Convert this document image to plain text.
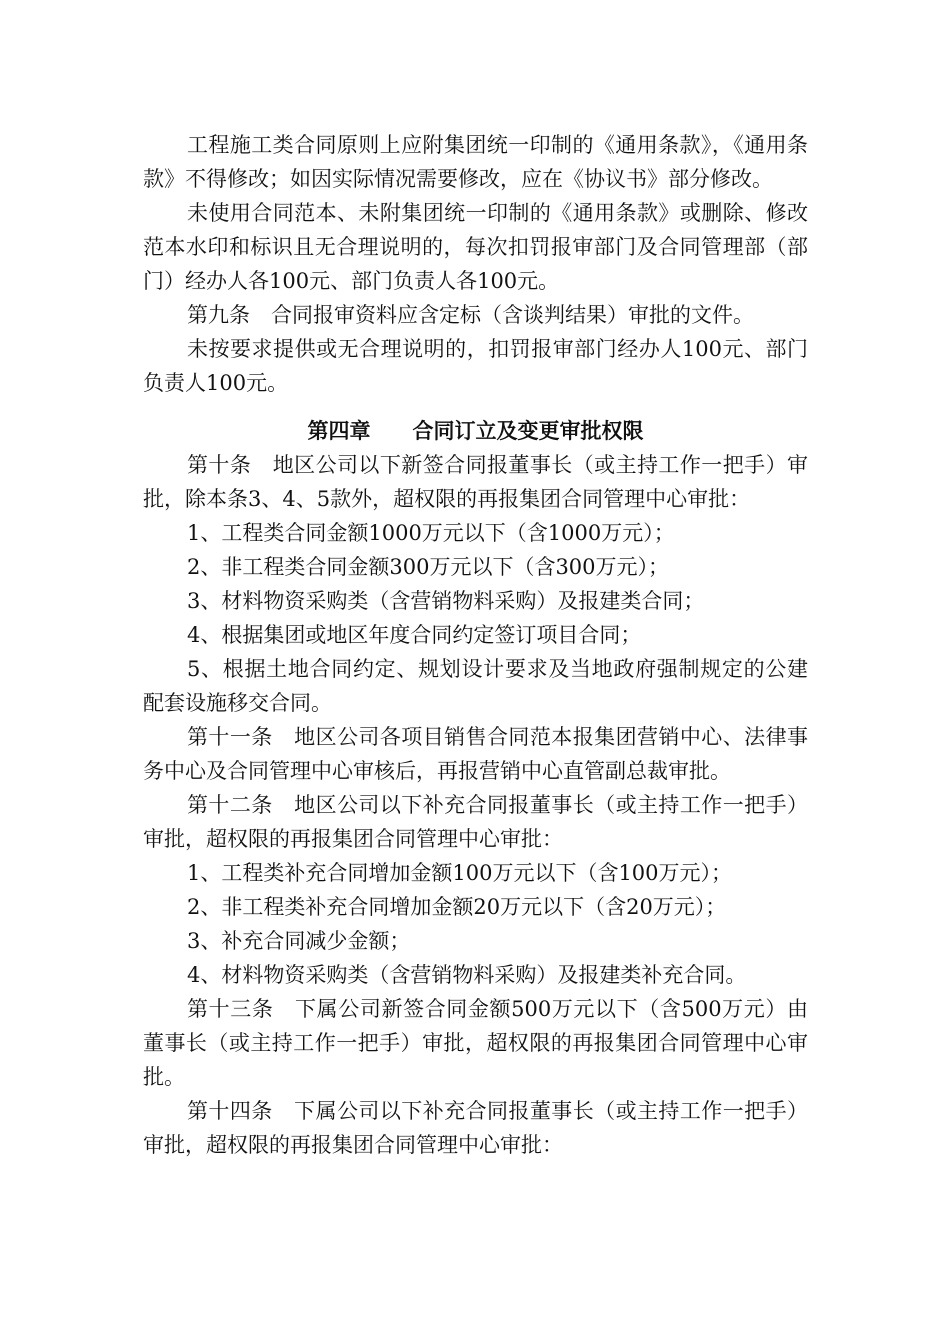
工程施工类合同原则上应附集团统一印制的《通用条款》，《通用条款》不得修改；如因实际情况需要修改，应在《协议书》部分修改。

未使用合同范本、未附集团统一印制的《通用条款》或删除、修改范本水印和标识且无合理说明的，每次扣罚报审部门及合同管理部（部门）经办人各100元、部门负责人各100元。

第九条　合同报审资料应含定标（含谈判结果）审批的文件。

未按要求提供或无合理说明的，扣罚报审部门经办人100元、部门负责人100元。

第四章　　合同订立及变更审批权限

第十条　地区公司以下新签合同报董事长（或主持工作一把手）审批，除本条3、4、5款外，超权限的再报集团合同管理中心审批：

1、工程类合同金额1000万元以下（含1000万元）；

2、非工程类合同金额300万元以下（含300万元）；

3、材料物资采购类（含营销物料采购）及报建类合同；

4、根据集团或地区年度合同约定签订项目合同；

5、根据土地合同约定、规划设计要求及当地政府强制规定的公建配套设施移交合同。

第十一条　地区公司各项目销售合同范本报集团营销中心、法律事务中心及合同管理中心审核后，再报营销中心直管副总裁审批。

第十二条　地区公司以下补充合同报董事长（或主持工作一把手）审批，超权限的再报集团合同管理中心审批：

1、工程类补充合同增加金额100万元以下（含100万元）；

2、非工程类补充合同增加金额20万元以下（含20万元）；

3、补充合同减少金额；

4、材料物资采购类（含营销物料采购）及报建类补充合同。

第十三条　下属公司新签合同金额500万元以下（含500万元）由董事长（或主持工作一把手）审批，超权限的再报集团合同管理中心审批。

第十四条　下属公司以下补充合同报董事长（或主持工作一把手）审批，超权限的再报集团合同管理中心审批：
